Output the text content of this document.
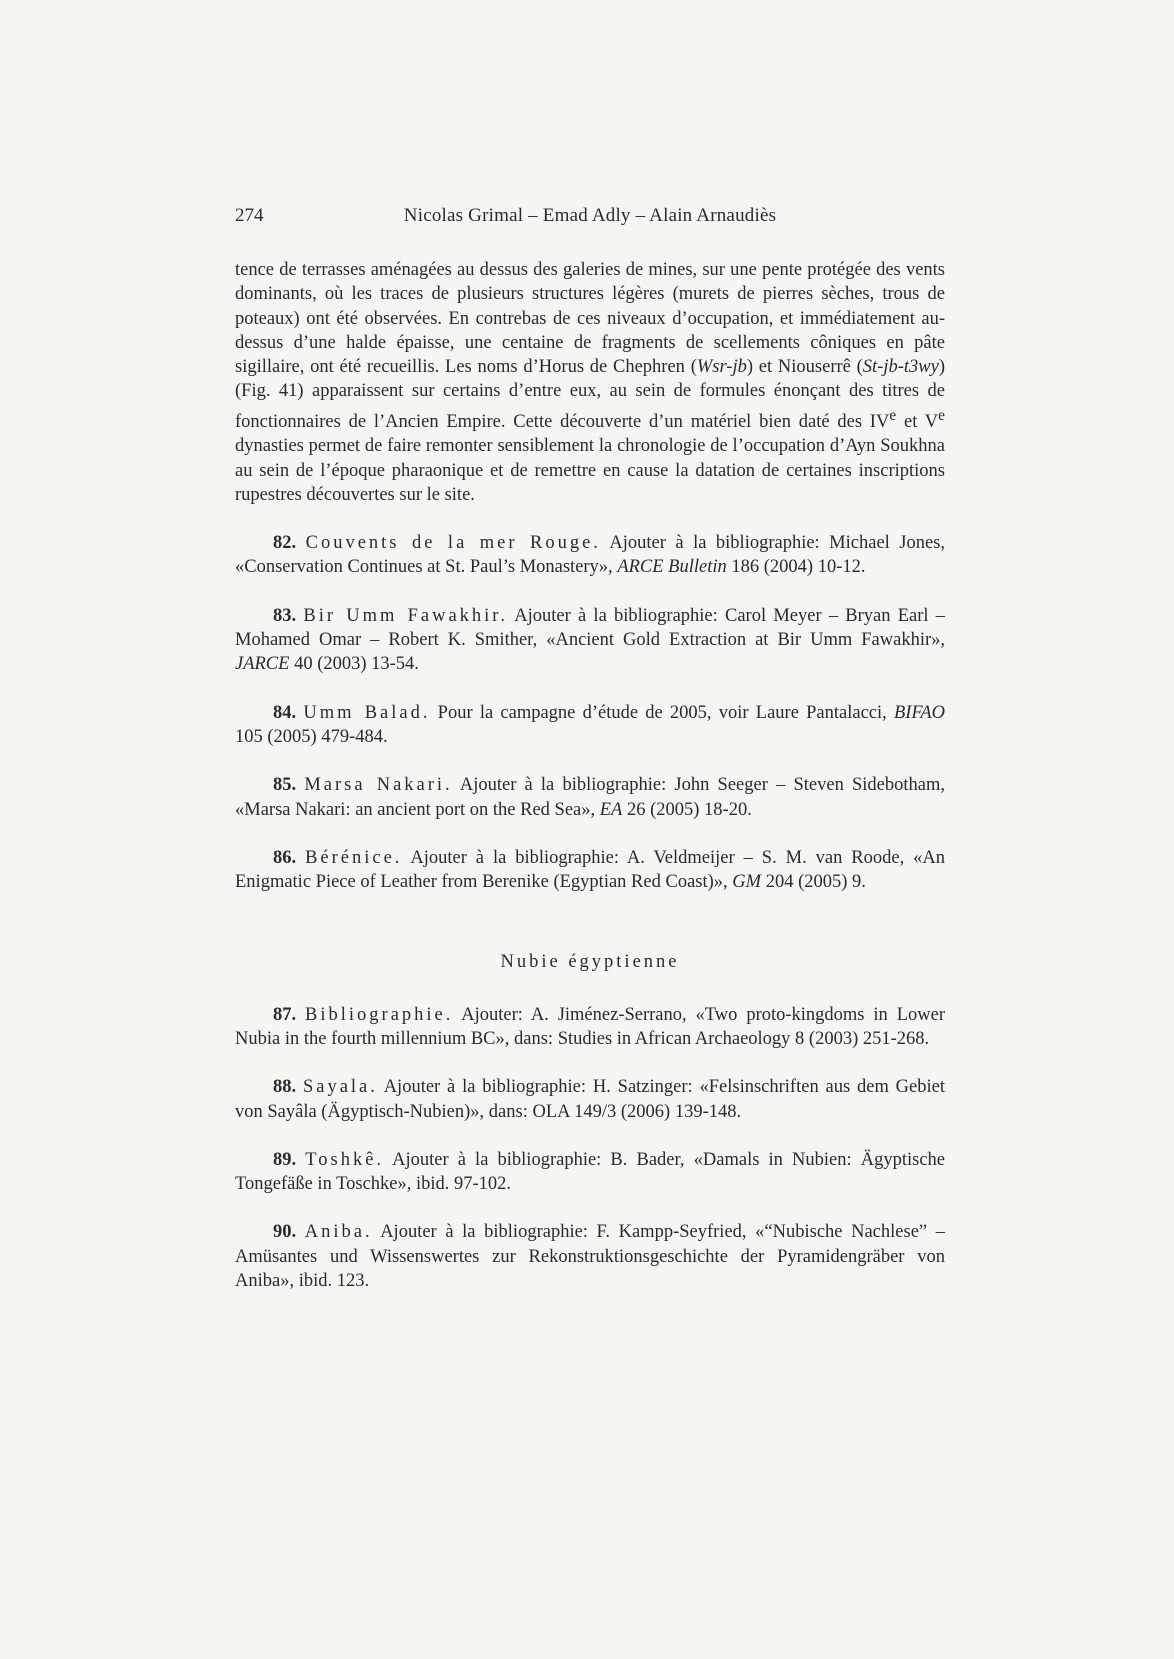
274	Nicolas Grimal – Emad Adly – Alain Arnaudiès

tence de terrasses aménagées au dessus des galeries de mines, sur une pente protégée des vents dominants, où les traces de plusieurs structures légères (murets de pierres sèches, trous de poteaux) ont été observées. En contrebas de ces niveaux d’occupation, et immédiatement au-dessus d’une halde épaisse, une centaine de fragments de scellements côniques en pâte sigillaire, ont été recueillis. Les noms d’Horus de Chephren (Wsr-jb) et Niouserrê (St-jb-t3wy) (Fig. 41) apparaissent sur certains d’entre eux, au sein de formules énonçant des titres de fonctionnaires de l’Ancien Empire. Cette découverte d’un matériel bien daté des IVe et Ve dynasties permet de faire remonter sensiblement la chronologie de l’occupation d’Ayn Soukhna au sein de l’époque pharaonique et de remettre en cause la datation de certaines inscriptions rupestres découvertes sur le site.

82. Couvents de la mer Rouge. Ajouter à la bibliographie: Michael Jones, «Conservation Continues at St. Paul’s Monastery», ARCE Bulletin 186 (2004) 10-12.

83. Bir Umm Fawakhir. Ajouter à la bibliographie: Carol Meyer – Bryan Earl – Mohamed Omar – Robert K. Smither, «Ancient Gold Extraction at Bir Umm Fawakhir», JARCE 40 (2003) 13-54.

84. Umm Balad. Pour la campagne d’étude de 2005, voir Laure Pantalacci, BIFAO 105 (2005) 479-484.

85. Marsa Nakari. Ajouter à la bibliographie: John Seeger – Steven Sidebotham, «Marsa Nakari: an ancient port on the Red Sea», EA 26 (2005) 18-20.

86. Bérénice. Ajouter à la bibliographie: A. Veldmeijer – S. M. van Roode, «An Enigmatic Piece of Leather from Berenike (Egyptian Red Coast)», GM 204 (2005) 9.

Nubie égyptienne

87. Bibliographie. Ajouter: A. Jiménez-Serrano, «Two proto-kingdoms in Lower Nubia in the fourth millennium BC», dans: Studies in African Archaeology 8 (2003) 251-268.

88. Sayala. Ajouter à la bibliographie: H. Satzinger: «Felsinschriften aus dem Gebiet von Sayâla (Ägyptisch-Nubien)», dans: OLA 149/3 (2006) 139-148.

89. Toshkê. Ajouter à la bibliographie: B. Bader, «Damals in Nubien: Ägyptische Tongefäße in Toschke», ibid. 97-102.

90. Aniba. Ajouter à la bibliographie: F. Kampp-Seyfried, «“Nubische Nachlese” – Amüsantes und Wissenswertes zur Rekonstruktionsgeschichte der Pyramidengräber von Aniba», ibid. 123.
